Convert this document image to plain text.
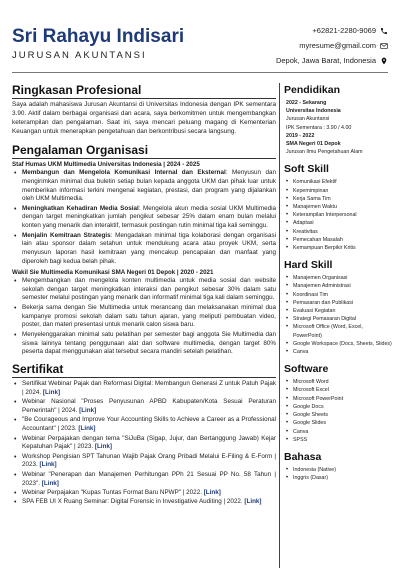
Sri Rahayu Indisari
JURUSAN AKUNTANSI
+62821-2280-9069
myresume@gmail.com
Depok, Jawa Barat, Indonesia
Ringkasan Profesional
Saya adalah mahasiswa Jurusan Akuntansi di Universitas Indonesia dengan IPK sementara 3.90. Aktif dalam berbagai organisasi dan acara, saya berkomitmen untuk mengembangkan keterampilan dan pengalaman. Saat ini, saya mencari peluang magang di Kementerian Keuangan untuk menerapkan pengetahuan dan berkontribusi secara langsung.
Pengalaman Organisasi
Staf Humas UKM Multimedia Universitas Indonesia | 2024 - 2025
• Membangun dan Mengelola Komunikasi Internal dan Eksternal: Menyusun dan mengirimkan minimal dua buletin setiap bulan kepada anggota UKM dan pihak luar untuk memberikan informasi terkini mengenai kegiatan, prestasi, dan program yang dijalankan oleh UKM Multimedia.
• Meningkatkan Kehadiran Media Sosial: Mengelola akun media sosial UKM Multimedia dengan target meningkatkan jumlah pengikut sebesar 25% dalam enam bulan melalui konten yang menarik dan interaktif, termasuk postingan rutin minimal tiga kali seminggu.
• Menjalin Kemitraan Strategis: Mengadakan minimal tiga kolaborasi dengan organisasi lain atau sponsor dalam setahun untuk mendukung acara atau proyek UKM, serta menyusun laporan hasil kemitraan yang mencakup pencapaian dan manfaat yang diperoleh bagi kedua belah pihak.
Wakil Sie Multimedia Komunikasi SMA Negeri 01 Depok | 2020 - 2021
• Mengembangkan dan mengelola konten multimedia untuk media sosial dan website sekolah dengan target meningkatkan interaksi dan pengikut sebesar 30% dalam satu semester melalui postingan yang menarik dan informatif minimal tiga kali dalam seminggu.
• Bekerja sama dengan Sie Multimedia untuk merancang dan melaksanakan minimal dua kampanye promosi sekolah dalam satu tahun ajaran, yang meliputi pembuatan video, poster, dan materi presentasi untuk menarik calon siswa baru.
• Menyelenggarakan minimal satu pelatihan per semester bagi anggota Sie Multimedia dan siswa lainnya tentang penggunaan alat dan software multimedia, dengan target 80% peserta dapat menggunakan alat tersebut secara mandiri setelah pelatihan.
Sertifikat
• Sertifikat Webinar Pajak dan Reformasi Digital: Membangun Generasi Z untuk Patuh Pajak | 2024. [Link]
• Webinar Nasional "Proses Penyusunan APBD Kabupaten/Kota Sesuai Peraturan Pemerintah" | 2024. [Link]
• "Be Courageous and Improve Your Accounting Skills to Achieve a Career as a Professional Accountant" | 2023. [Link]
• Webinar Perpajakan dengan tema "SiJuBa (Sigap, Jujur, dan Bertanggung Jawab) Kejar Kepatuhan Pajak" | 2023. [Link]
• Workshop Pengisian SPT Tahunan Wajib Pajak Orang Pribadi Melalui E-Filing & E-Form | 2023. [Link]
• Webinar "Penerapan dan Manajemen Perhitungan PPh 21 Sesuai PP No. 58 Tahun | 2023". [Link]
• Webinar Perpajakan "Kupas Tuntas Format Baru NPWP" | 2022. [Link]
• SPA FEB UI X Ruang Seminar: Digital Forensic in Investigative Auditing | 2022. [Link]
Pendidikan
2022 - Sekarang
Universitas Indonesia
Jurusan Akuntansi
IPK Sementara : 3.90 / 4.00
2019 - 2022
SMA Negeri 01 Depok
Jurusan Ilmu Pengetahuan Alam
Soft Skill
• Komunikasi Efektif
• Kepemimpinan
• Kerja Sama Tim
• Manajemen Waktu
• Keterampilan Interpersonal
• Adaptasi
• Kreativitas
• Pemecahan Masalah
• Kemampuan Berpikir Kritis
Hard Skill
• Manajemen Organisasi
• Manajemen Administrasi
• Koordinasi Tim
• Pemasaran dan Publikasi
• Evaluasi Kegiatan
• Strategi Pemasaran Digital
• Microsoft Office (Word, Excel, PowerPoint)
• Google Workspace (Docs, Sheets, Slides)
• Canva
Software
• Microsoft Word
• Microsoft Excel
• Microsoft PowerPoint
• Google Docs
• Google Sheets
• Google Slides
• Canva
• SPSS
Bahasa
• Indonesia (Native)
• Inggris (Dasar)
